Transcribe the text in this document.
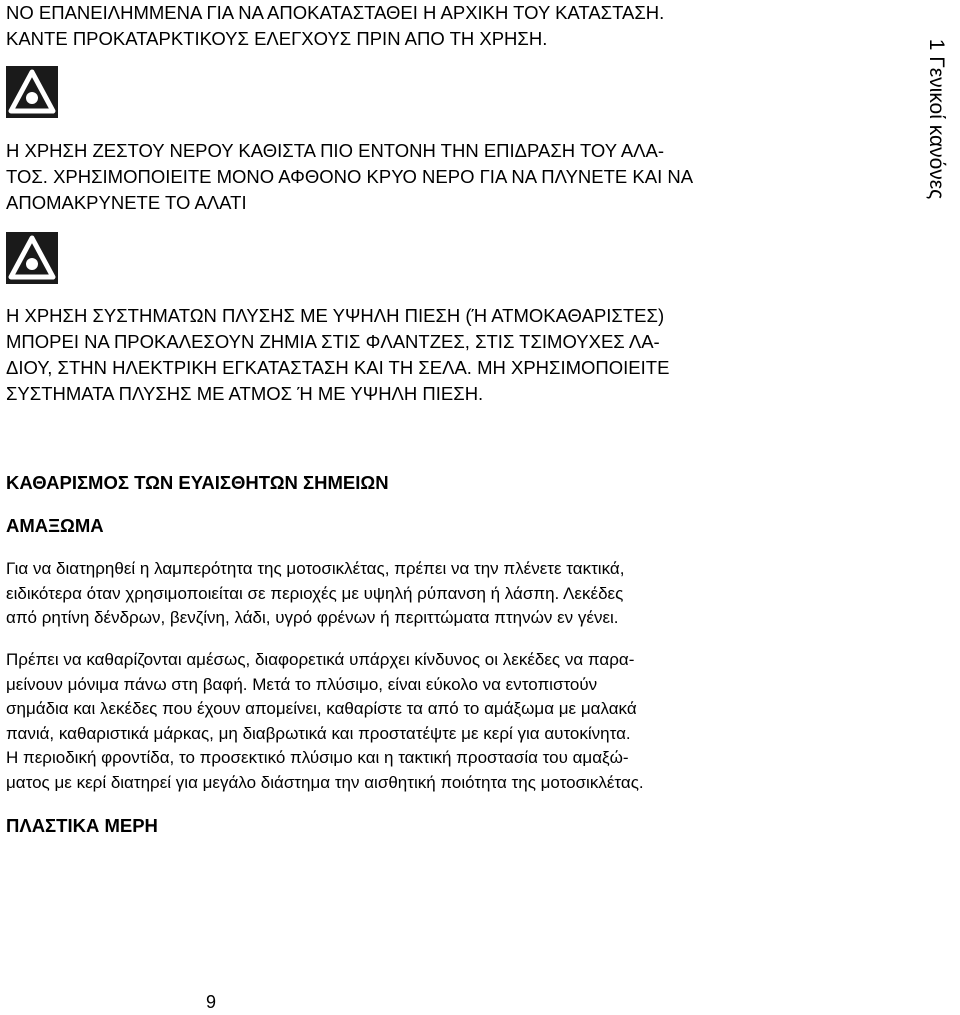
1 Γενικοί κανόνες
ΝΟ ΕΠΑΝΕΙΛΗΜΜΕΝΑ ΓΙΑ ΝΑ ΑΠΟΚΑΤΑΣΤΑΘΕΙ Η ΑΡΧΙΚΗ ΤΟΥ ΚΑΤΑΣΤΑΣΗ.
ΚΑΝΤΕ ΠΡΟΚΑΤΑΡΚΤΙΚΟΥΣ ΕΛΕΓΧΟΥΣ ΠΡΙΝ ΑΠΟ ΤΗ ΧΡΗΣΗ.
Η ΧΡΗΣΗ ΖΕΣΤΟΥ ΝΕΡΟΥ ΚΑΘΙΣΤΑ ΠΙΟ ΕΝΤΟΝΗ ΤΗΝ ΕΠΙΔΡΑΣΗ ΤΟΥ ΑΛΑ-
ΤΟΣ. ΧΡΗΣΙΜΟΠΟΙΕΙΤΕ ΜΟΝΟ ΑΦΘΟΝΟ ΚΡΥΟ ΝΕΡΟ ΓΙΑ ΝΑ ΠΛΥΝΕΤΕ ΚΑΙ ΝΑ
ΑΠΟΜΑΚΡΥΝΕΤΕ ΤΟ ΑΛΑΤΙ
Η ΧΡΗΣΗ ΣΥΣΤΗΜΑΤΩΝ ΠΛΥΣΗΣ ΜΕ ΥΨΗΛΗ ΠΙΕΣΗ (Ή ΑΤΜΟΚΑΘΑΡΙΣΤΕΣ)
ΜΠΟΡΕΙ ΝΑ ΠΡΟΚΑΛΕΣΟΥΝ ΖΗΜΙΑ ΣΤΙΣ ΦΛΑΝΤΖΕΣ, ΣΤΙΣ ΤΣΙΜΟΥΧΕΣ ΛΑ-
ΔΙΟΥ, ΣΤΗΝ ΗΛΕΚΤΡΙΚΗ ΕΓΚΑΤΑΣΤΑΣΗ ΚΑΙ ΤΗ ΣΕΛΑ. ΜΗ ΧΡΗΣΙΜΟΠΟΙΕΙΤΕ
ΣΥΣΤΗΜΑΤΑ ΠΛΥΣΗΣ ΜΕ ΑΤΜΟΣ Ή ΜΕ ΥΨΗΛΗ ΠΙΕΣΗ.
ΚΑΘΑΡΙΣΜΟΣ ΤΩΝ ΕΥΑΙΣΘΗΤΩΝ ΣΗΜΕΙΩΝ
ΑΜΑΞΩΜΑ
Για να διατηρηθεί η λαμπερότητα της μοτοσικλέτας, πρέπει να την πλένετε τακτικά,
ειδικότερα όταν χρησιμοποιείται σε περιοχές με υψηλή ρύπανση ή λάσπη. Λεκέδες
από ρητίνη δένδρων, βενζίνη, λάδι, υγρό φρένων ή περιττώματα πτηνών εν γένει.
Πρέπει να καθαρίζονται αμέσως, διαφορετικά υπάρχει κίνδυνος οι λεκέδες να παρα-
μείνουν μόνιμα πάνω στη βαφή. Μετά το πλύσιμο, είναι εύκολο να εντοπιστούν
σημάδια και λεκέδες που έχουν απομείνει, καθαρίστε τα από το αμάξωμα με μαλακά
πανιά, καθαριστικά μάρκας, μη διαβρωτικά και προστατέψτε με κερί για αυτοκίνητα.
Η περιοδική φροντίδα, το προσεκτικό πλύσιμο και η τακτική προστασία του αμαξώ-
ματος με κερί διατηρεί για μεγάλο διάστημα την αισθητική ποιότητα της μοτοσικλέτας.
ΠΛΑΣΤΙΚΑ ΜΕΡΗ
9
